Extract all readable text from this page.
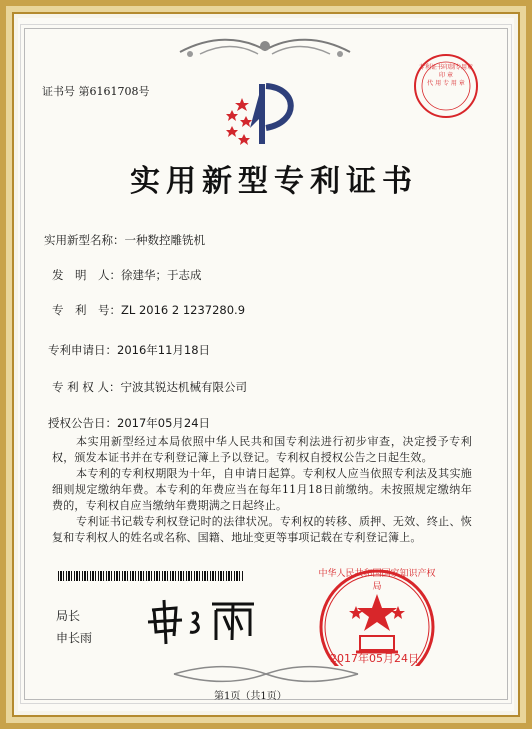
证书号 第6161708号
专利证书印制专用章
印 章
代 用 专 用 章
实用新型专利证书
实用新型名称：一种数控雕铣机
发　明　人：徐建华；于志成
专　利　号：ZL 2016 2 1237280.9
专利申请日：2016年11月18日
专 利 权 人：宁波其锐达机械有限公司
授权公告日：2017年05月24日
本实用新型经过本局依照中华人民共和国专利法进行初步审查，决定授予专利权，颁发本证书并在专利登记簿上予以登记。专利权自授权公告之日起生效。
本专利的专利权期限为十年，自申请日起算。专利权人应当依照专利法及其实施细则规定缴纳年费。本专利的年费应当在每年11月18日前缴纳。未按照规定缴纳年费的，专利权自应当缴纳年费期满之日起终止。
专利证书记载专利权登记时的法律状况。专利权的转移、质押、无效、终止、恢复和专利权人的姓名或名称、国籍、地址变更等事项记载在专利登记簿上。
局长
申长雨
中华人民共和国国家知识产权局
2017年05月24日
第1页（共1页）
